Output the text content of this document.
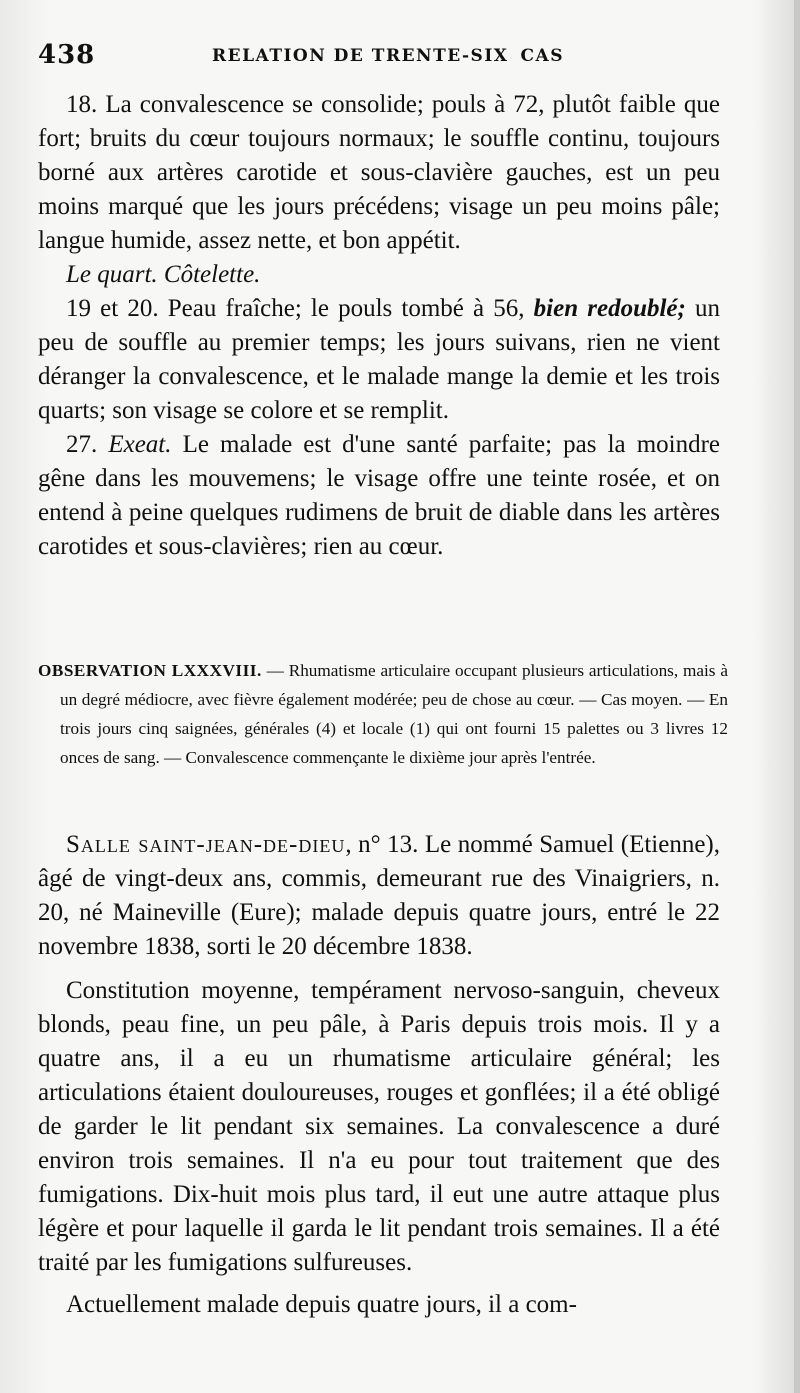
438	RELATION DE TRENTE-SIX CAS

18. La convalescence se consolide; pouls à 72, plutôt faible que fort; bruits du cœur toujours normaux; le souffle continu, toujours borné aux artères carotide et sous-clavière gauches, est un peu moins marqué que les jours précédens; visage un peu moins pâle; langue humide, assez nette, et bon appétit.

Le quart. Côtelette.

19 et 20. Peau fraîche; le pouls tombé à 56, bien redoublé; un peu de souffle au premier temps; les jours suivans, rien ne vient déranger la convalescence, et le malade mange la demie et les trois quarts; son visage se colore et se remplit.

27. Exeat. Le malade est d'une santé parfaite; pas la moindre gêne dans les mouvemens; le visage offre une teinte rosée, et on entend à peine quelques rudimens de bruit de diable dans les artères carotides et sous-clavières; rien au cœur.

OBSERVATION LXXXVIII. — Rhumatisme articulaire occupant plusieurs articulations, mais à un degré médiocre, avec fièvre également modérée; peu de chose au cœur. — Cas moyen. — En trois jours cinq saignées, générales (4) et locale (1) qui ont fourni 15 palettes ou 3 livres 12 onces de sang. — Convalescence commençante le dixième jour après l'entrée.

Salle saint-jean-de-dieu, n° 13. Le nommé Samuel (Etienne), âgé de vingt-deux ans, commis, demeurant rue des Vinaigriers, n. 20, né Maineville (Eure); malade depuis quatre jours, entré le 22 novembre 1838, sorti le 20 décembre 1838.

Constitution moyenne, tempérament nervoso-sanguin, cheveux blonds, peau fine, un peu pâle, à Paris depuis trois mois. Il y a quatre ans, il a eu un rhumatisme articulaire général; les articulations étaient douloureuses, rouges et gonflées; il a été obligé de garder le lit pendant six semaines. La convalescence a duré environ trois semaines. Il n'a eu pour tout traitement que des fumigations. Dix-huit mois plus tard, il eut une autre attaque plus légère et pour laquelle il garda le lit pendant trois semaines. Il a été traité par les fumigations sulfureuses.

Actuellement malade depuis quatre jours, il a com-
